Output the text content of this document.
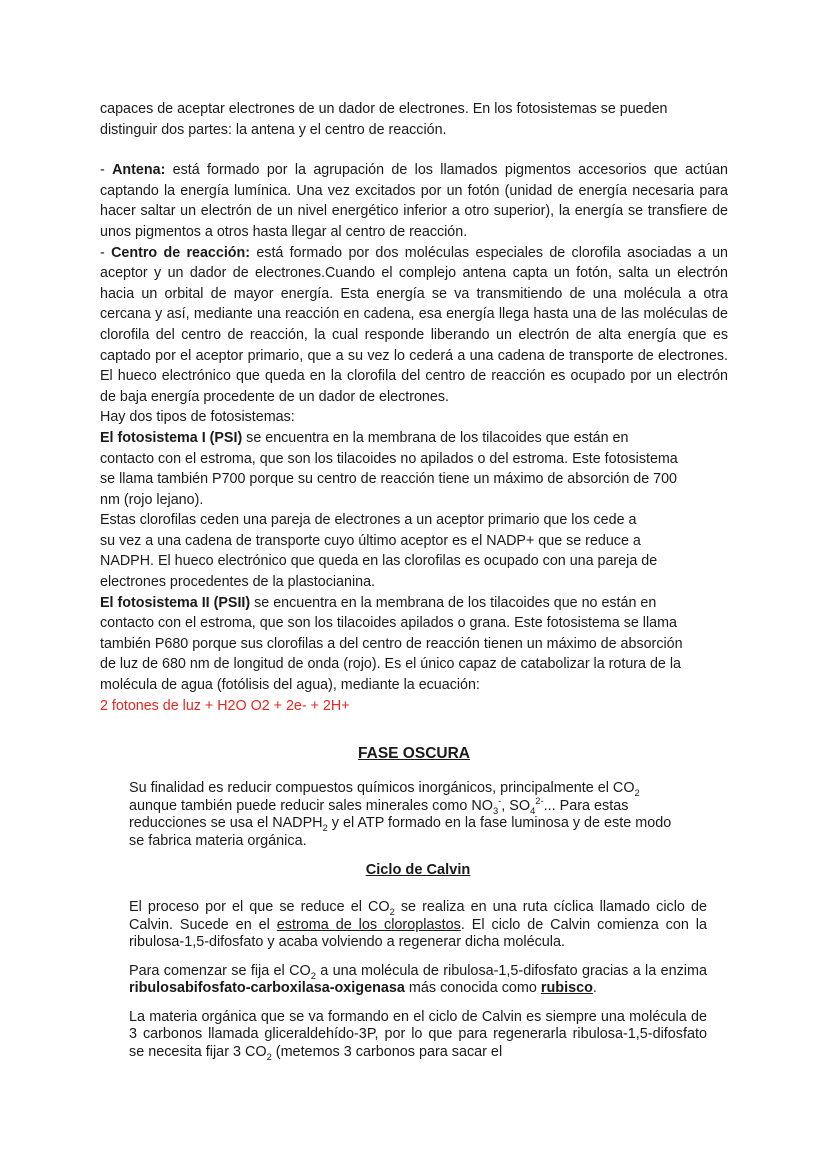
capaces de aceptar electrones de un dador de electrones. En los fotosistemas se pueden

distinguir dos partes: la antena y el centro de reacción.

- Antena: está formado por la agrupación de los llamados pigmentos accesorios que actúan captando la energía lumínica. Una vez excitados por un fotón (unidad de energía necesaria para hacer saltar un electrón de un nivel energético inferior a otro superior), la energía se transfiere de unos pigmentos a otros hasta llegar al centro de reacción.

- Centro de reacción: está formado por dos moléculas especiales de clorofila asociadas a un aceptor y un dador de electrones.Cuando el complejo antena capta un fotón, salta un electrón hacia un orbital de mayor energía. Esta energía se va transmitiendo de una molécula a otra cercana y así, mediante una reacción en cadena, esa energía llega hasta una de las moléculas de clorofila del centro de reacción, la cual responde liberando un electrón de alta energía que es captado por el aceptor primario, que a su vez lo cederá a una cadena de transporte de electrones. El hueco electrónico que queda en la clorofila del centro de reacción es ocupado por un electrón de baja energía procedente de un dador de electrones.

Hay dos tipos de fotosistemas:

El fotosistema I (PSI) se encuentra en la membrana de los tilacoides que están en

contacto con el estroma, que son los tilacoides no apilados o del estroma. Este fotosistema

se llama también P700 porque su centro de reacción tiene un máximo de absorción de 700

nm (rojo lejano).

Estas clorofilas ceden una pareja de electrones a un aceptor primario que los cede a

su vez a una cadena de transporte cuyo último aceptor es el NADP+ que se reduce a

NADPH. El hueco electrónico que queda en las clorofilas es ocupado con una pareja de

electrones procedentes de la plastocianina.

El fotosistema II (PSII) se encuentra en la membrana de los tilacoides que no están en

contacto con el estroma, que son los tilacoides apilados o grana. Este fotosistema se llama

también P680 porque sus clorofilas a del centro de reacción tienen un máximo de absorción

de luz de 680 nm de longitud de onda (rojo). Es el único capaz de catabolizar la rotura de la

molécula de agua (fotólisis del agua), mediante la ecuación:

2 fotones de luz + H2O O2 + 2e- + 2H+

FASE OSCURA

Su finalidad es reducir compuestos químicos inorgánicos, principalmente el $CO_2$
aunque también puede reducir sales minerales como $NO_3^-$, $SO_4^{2-}$... Para estas
reducciones se usa el $NADPH_2$ y el ATP formado en la fase luminosa y de este modo
se fabrica materia orgánica.

Ciclo de Calvin

El proceso por el que se reduce el $CO_2$ se realiza en una ruta cíclica llamado ciclo de Calvin. Sucede en el estroma de los cloroplastos. El ciclo de Calvin comienza con la ribulosa-1,5-difosfato y acaba volviendo a regenerar dicha molécula.

Para comenzar se fija el $CO_2$ a una molécula de ribulosa-1,5-difosfato gracias a la enzima ribulosabifosfato-carboxilasa-oxigenasa más conocida como rubisco.

La materia orgánica que se va formando en el ciclo de Calvin es siempre una molécula de 3 carbonos llamada gliceraldehído-3P, por lo que para regenerarla ribulosa-1,5-difosfato se necesita fijar 3 $CO_2$ (metemos 3 carbonos para sacar el
